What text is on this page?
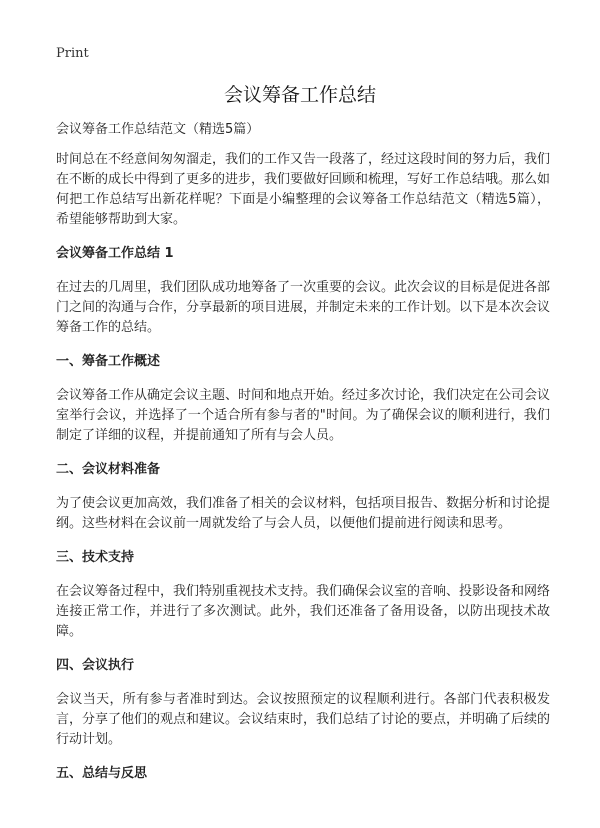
Print
会议筹备工作总结

会议筹备工作总结范文（精选5篇）

时间总在不经意间匆匆溜走，我们的工作又告一段落了，经过这段时间的努力后，我们在不断的成长中得到了更多的进步，我们要做好回顾和梳理，写好工作总结哦。那么如何把工作总结写出新花样呢？下面是小编整理的会议筹备工作总结范文（精选5篇），希望能够帮助到大家。

会议筹备工作总结 1

在过去的几周里，我们团队成功地筹备了一次重要的会议。此次会议的目标是促进各部门之间的沟通与合作，分享最新的项目进展，并制定未来的工作计划。以下是本次会议筹备工作的总结。

一、筹备工作概述

会议筹备工作从确定会议主题、时间和地点开始。经过多次讨论，我们决定在公司会议室举行会议，并选择了一个适合所有参与者的"时间。为了确保会议的顺利进行，我们制定了详细的议程，并提前通知了所有与会人员。

二、会议材料准备

为了使会议更加高效，我们准备了相关的会议材料，包括项目报告、数据分析和讨论提纲。这些材料在会议前一周就发给了与会人员，以便他们提前进行阅读和思考。

三、技术支持

在会议筹备过程中，我们特别重视技术支持。我们确保会议室的音响、投影设备和网络连接正常工作，并进行了多次测试。此外，我们还准备了备用设备，以防出现技术故障。

四、会议执行

会议当天，所有参与者准时到达。会议按照预定的议程顺利进行。各部门代表积极发言，分享了他们的观点和建议。会议结束时，我们总结了讨论的要点，并明确了后续的行动计划。

五、总结与反思
